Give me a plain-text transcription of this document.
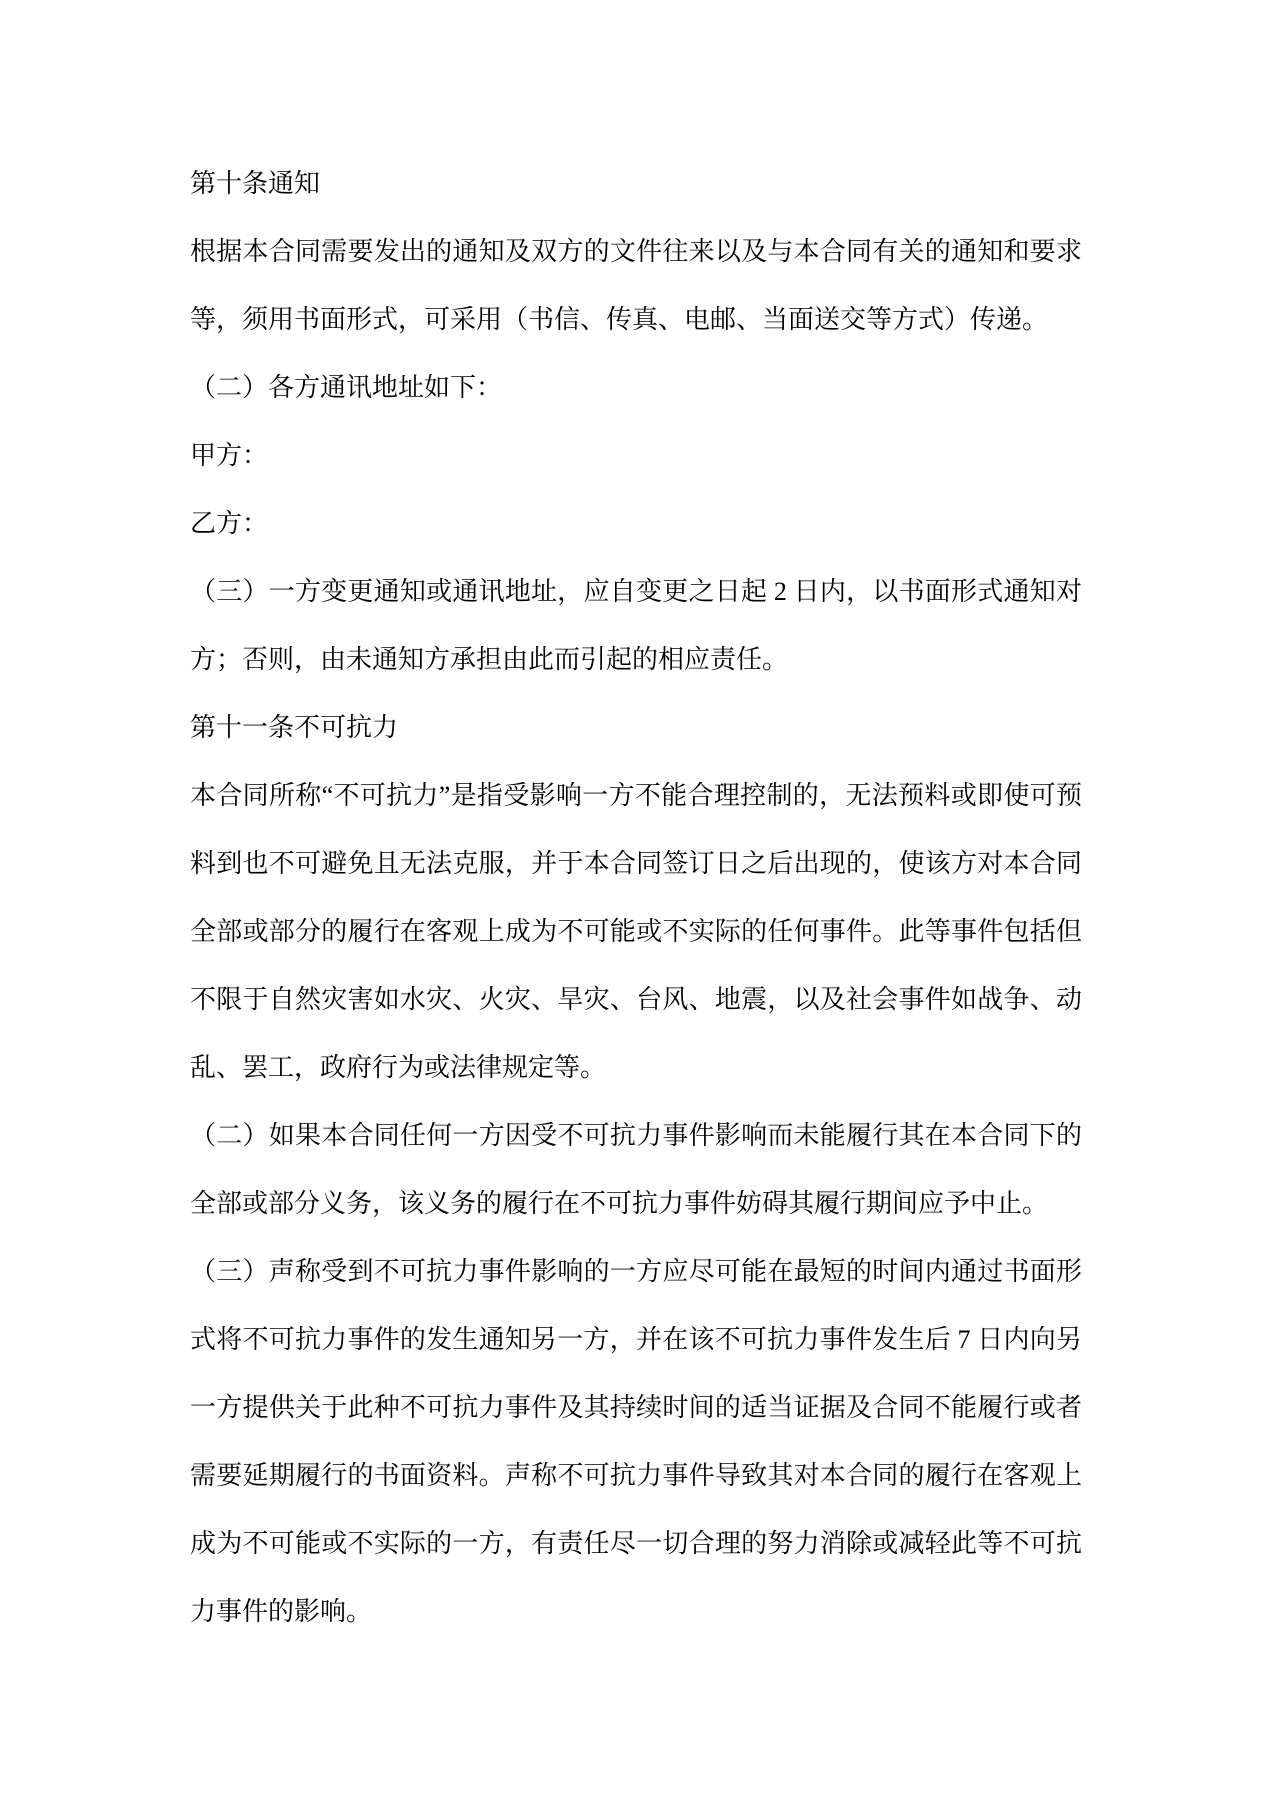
第十条通知

根据本合同需要发出的通知及双方的文件往来以及与本合同有关的通知和要求等，须用书面形式，可采用（书信、传真、电邮、当面送交等方式）传递。

（二）各方通讯地址如下：

甲方：

乙方：

（三）一方变更通知或通讯地址，应自变更之日起 2 日内，以书面形式通知对方；否则，由未通知方承担由此而引起的相应责任。

第十一条不可抗力

本合同所称“不可抗力”是指受影响一方不能合理控制的，无法预料或即使可预料到也不可避免且无法克服，并于本合同签订日之后出现的，使该方对本合同全部或部分的履行在客观上成为不可能或不实际的任何事件。此等事件包括但不限于自然灾害如水灾、火灾、旱灾、台风、地震，以及社会事件如战争、动乱、罢工，政府行为或法律规定等。

（二）如果本合同任何一方因受不可抗力事件影响而未能履行其在本合同下的全部或部分义务，该义务的履行在不可抗力事件妨碍其履行期间应予中止。

（三）声称受到不可抗力事件影响的一方应尽可能在最短的时间内通过书面形式将不可抗力事件的发生通知另一方，并在该不可抗力事件发生后 7 日内向另一方提供关于此种不可抗力事件及其持续时间的适当证据及合同不能履行或者需要延期履行的书面资料。声称不可抗力事件导致其对本合同的履行在客观上成为不可能或不实际的一方，有责任尽一切合理的努力消除或减轻此等不可抗力事件的影响。
